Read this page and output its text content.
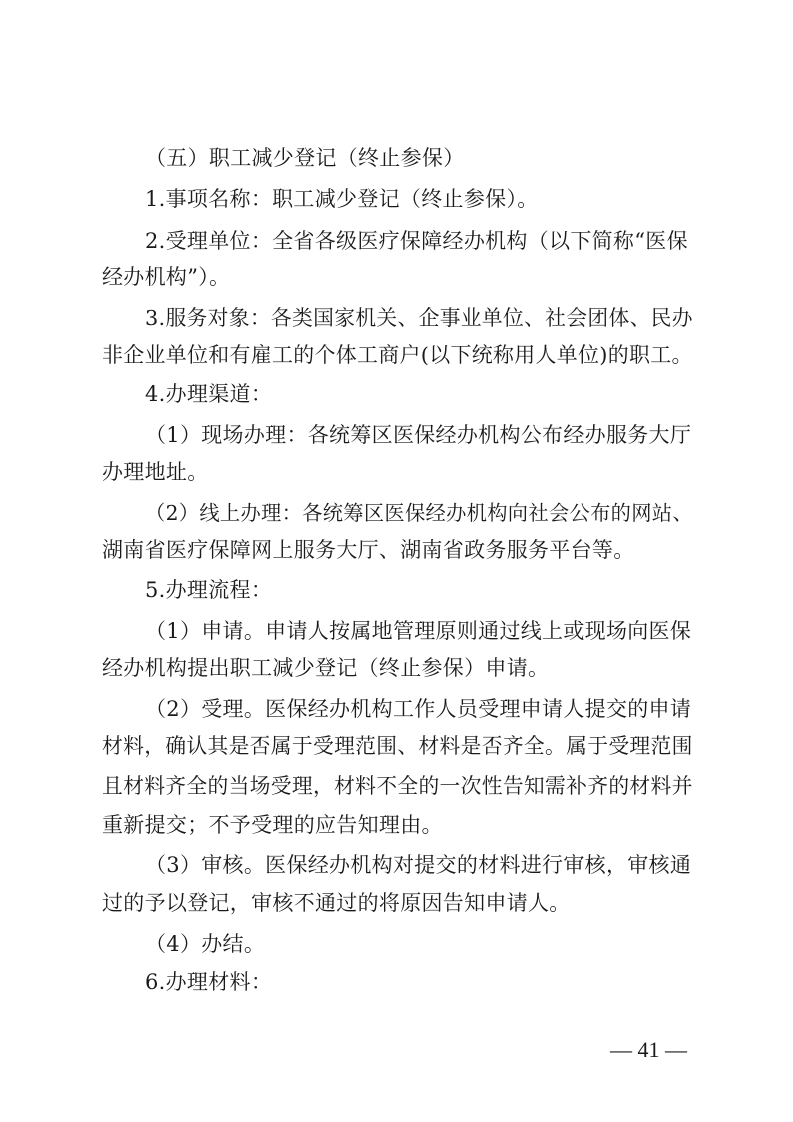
（五）职工减少登记（终止参保）
1.事项名称：职工减少登记（终止参保）。
2.受理单位：全省各级医疗保障经办机构（以下简称“医保
经办机构”）。
3.服务对象：各类国家机关、企事业单位、社会团体、民办
非企业单位和有雇工的个体工商户(以下统称用人单位)的职工。
4.办理渠道：
（1）现场办理：各统筹区医保经办机构公布经办服务大厅
办理地址。
（2）线上办理：各统筹区医保经办机构向社会公布的网站、
湖南省医疗保障网上服务大厅、湖南省政务服务平台等。
5.办理流程：
（1）申请。申请人按属地管理原则通过线上或现场向医保
经办机构提出职工减少登记（终止参保）申请。
（2）受理。医保经办机构工作人员受理申请人提交的申请
材料，确认其是否属于受理范围、材料是否齐全。属于受理范围
且材料齐全的当场受理，材料不全的一次性告知需补齐的材料并
重新提交；不予受理的应告知理由。
（3）审核。医保经办机构对提交的材料进行审核，审核通
过的予以登记，审核不通过的将原因告知申请人。
（4）办结。
6.办理材料：
— 41 —
